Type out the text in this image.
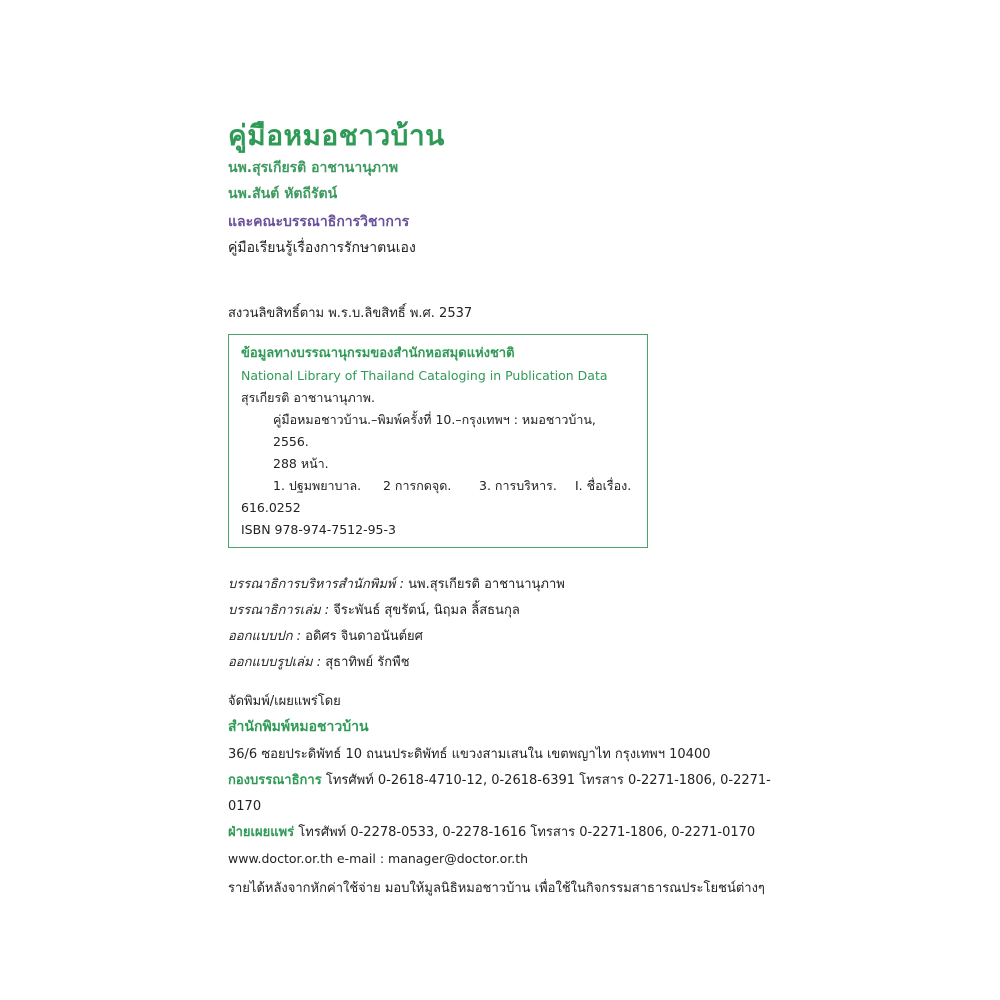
คู่มือหมอชาวบ้าน
นพ.สุรเกียรติ อาชานานุภาพ
นพ.สันต์ หัตถีรัตน์
และคณะบรรณาธิการวิชาการ
คู่มือเรียนรู้เรื่องการรักษาตนเอง
สงวนลิขสิทธิ์ตาม พ.ร.บ.ลิขสิทธิ์ พ.ศ. 2537
ข้อมูลทางบรรณานุกรมของสำนักหอสมุดแห่งชาติ
National Library of Thailand Cataloging in Publication Data
สุรเกียรติ อาชานานุภาพ.
คู่มือหมอชาวบ้าน.–พิมพ์ครั้งที่ 10.–กรุงเทพฯ : หมอชาวบ้าน, 2556.
288 หน้า.
1. ปฐมพยาบาล.	2 การกดจุด.	3. การบริหาร.	I. ชื่อเรื่อง.
616.0252
ISBN 978-974-7512-95-3
บรรณาธิการบริหารสำนักพิมพ์ : นพ.สุรเกียรติ อาชานานุภาพ
บรรณาธิการเล่ม : จีระพันธ์ สุขรัตน์, นิฤมล ลิ้สธนกุล
ออกแบบปก : อดิศร จินดาอนันต์ยศ
ออกแบบรูปเล่ม : สุธาทิพย์ รักพืช
จัดพิมพ์/เผยแพร่โดย
สำนักพิมพ์หมอชาวบ้าน
36/6 ซอยประดิพัทธ์ 10 ถนนประดิพัทธ์ แขวงสามเสนใน เขตพญาไท กรุงเทพฯ 10400
กองบรรณาธิการ โทรศัพท์ 0-2618-4710-12, 0-2618-6391 โทรสาร 0-2271-1806, 0-2271-0170
ฝ่ายเผยแพร่ โทรศัพท์ 0-2278-0533, 0-2278-1616 โทรสาร 0-2271-1806, 0-2271-0170
www.doctor.or.th e-mail : manager@doctor.or.th
รายได้หลังจากหักค่าใช้จ่าย มอบให้มูลนิธิหมอชาวบ้าน เพื่อใช้ในกิจกรรมสาธารณประโยชน์ต่างๆ
